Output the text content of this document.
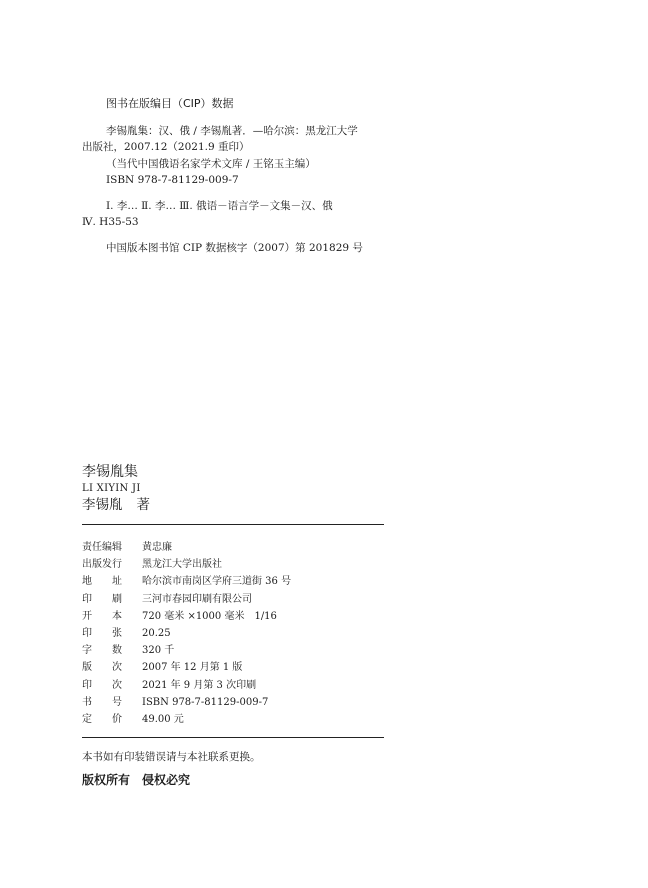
图书在版编目（CIP）数据
李锡胤集：汉、俄 / 李锡胤著．—哈尔滨：黑龙江大学
出版社，2007.12（2021.9 重印）
（当代中国俄语名家学术文库 / 王铭玉主编）
ISBN 978-7-81129-009-7
Ⅰ. 李… Ⅱ. 李… Ⅲ. 俄语－语言学－文集－汉、俄
Ⅳ. H35-53
中国版本图书馆 CIP 数据核字（2007）第 201829 号
李锡胤集
LI XIYIN JI
李锡胤 著
责任编辑 黄忠廉
出版发行 黑龙江大学出版社
地　　址 哈尔滨市南岗区学府三道街 36 号
印　　刷 三河市春园印刷有限公司
开　　本 720 毫米 ×1000 毫米　1/16
印　　张 20.25
字　　数 320 千
版　　次 2007 年 12 月第 1 版
印　　次 2021 年 9 月第 3 次印刷
书　　号 ISBN 978-7-81129-009-7
定　　价 49.00 元
本书如有印装错误请与本社联系更换。
版权所有　侵权必究
